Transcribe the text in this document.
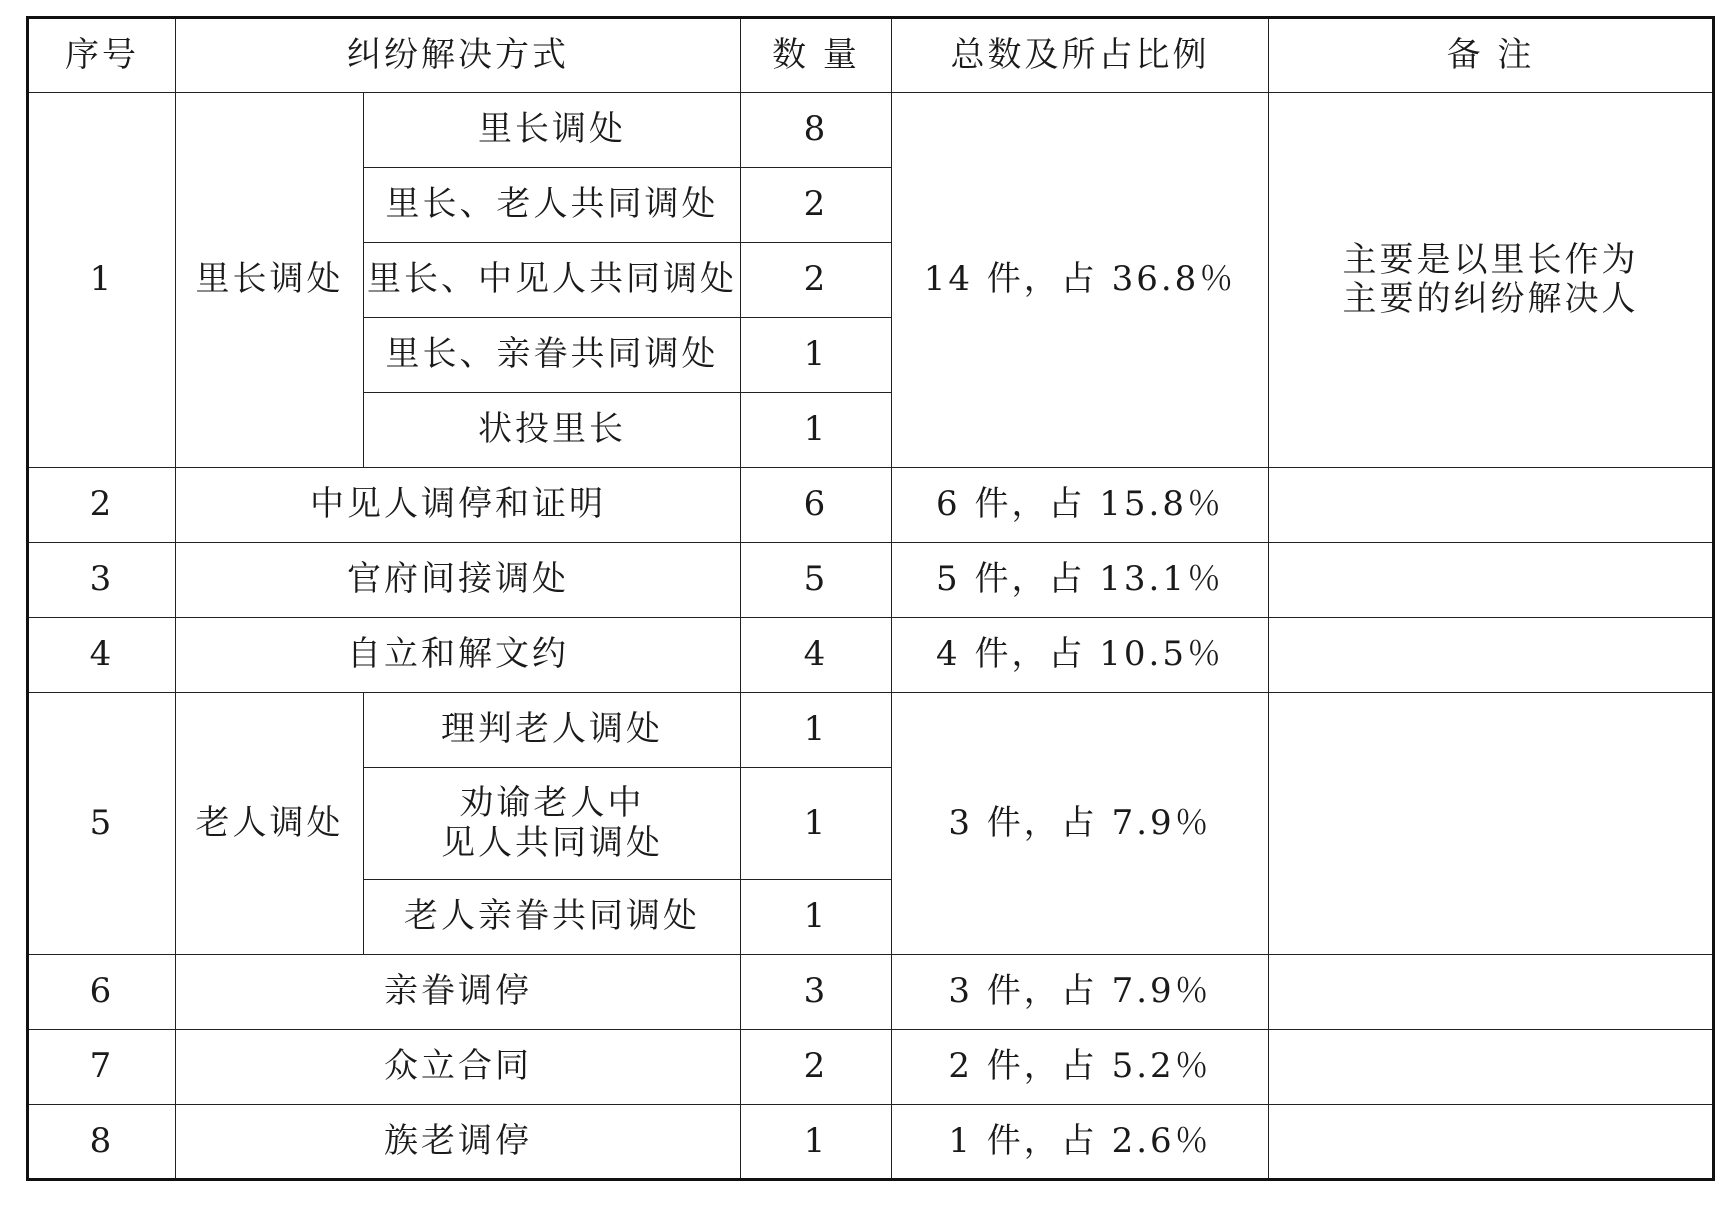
序号	纠纷解决方式		数 量	总数及所占比例	备 注
1	里长调处	里长调处	8	14 件，占 36.8％	主要是以里长作为
主要的纠纷解决人

		里长、老人共同调处	2		
		里长、中见人共同调处	2		
		里长、亲眷共同调处	1		
		状投里长	1		
2	中见人调停和证明		6	6 件，占 15.8％	
3	官府间接调处		5	5 件，占 13.1％	
4	自立和解文约		4	4 件，占 10.5％	
5	老人调处	理判老人调处	1	3 件，占 7.9％	

		劝谕老人中
见人共同调处	1		
		老人亲眷共同调处	1		
6	亲眷调停		3	3 件，占 7.9％	
7	众立合同		2	2 件，占 5.2％	
8	族老调停		1	1 件，占 2.6％	
